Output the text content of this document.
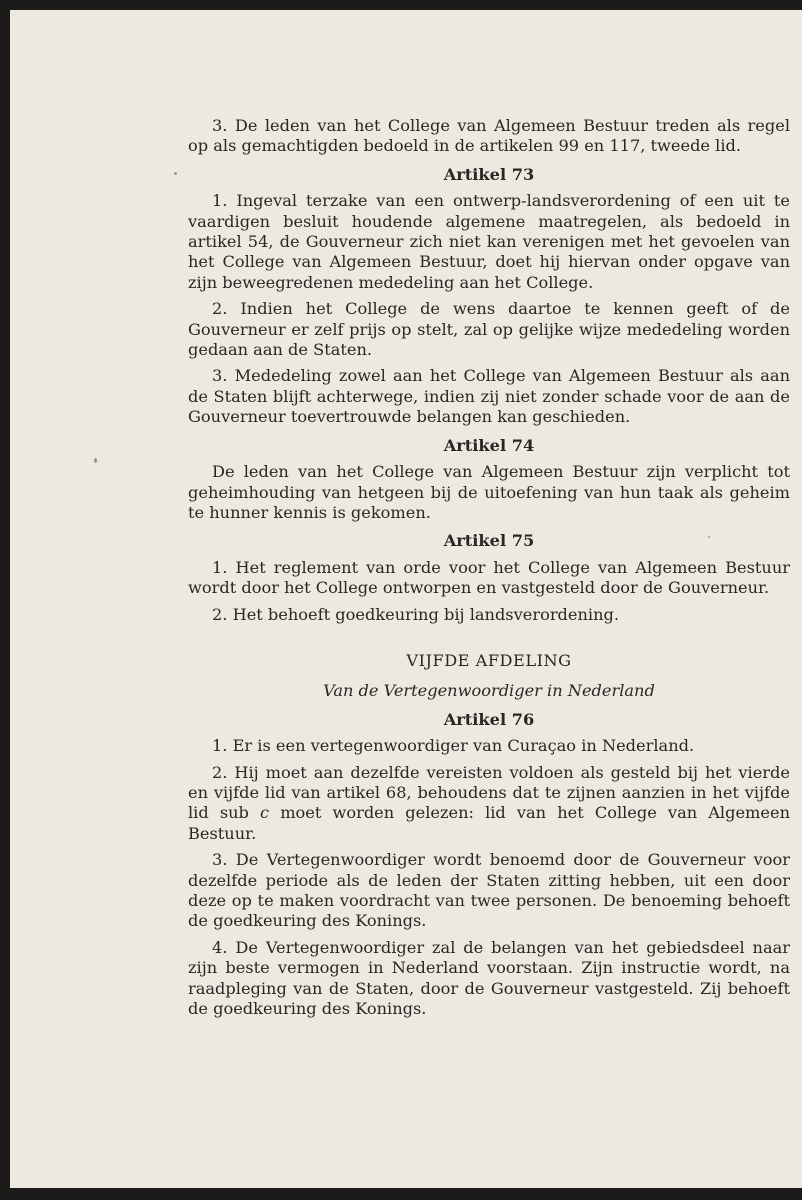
3. De leden van het College van Algemeen Bestuur treden als regel op als gemachtigden bedoeld in de artikelen 99 en 117, tweede lid.

Artikel 73

1. Ingeval terzake van een ontwerp-landsverordening of een uit te vaardigen besluit houdende algemene maatregelen, als bedoeld in artikel 54, de Gouverneur zich niet kan verenigen met het gevoelen van het College van Algemeen Bestuur, doet hij hiervan onder opgave van zijn beweegredenen mededeling aan het College.

2. Indien het College de wens daartoe te kennen geeft of de Gouverneur er zelf prijs op stelt, zal op gelijke wijze mededeling worden gedaan aan de Staten.

3. Mededeling zowel aan het College van Algemeen Bestuur als aan de Staten blijft achterwege, indien zij niet zonder schade voor de aan de Gouverneur toevertrouwde belangen kan geschieden.

Artikel 74

De leden van het College van Algemeen Bestuur zijn verplicht tot geheimhouding van hetgeen bij de uitoefening van hun taak als geheim te hunner kennis is gekomen.

Artikel 75

1. Het reglement van orde voor het College van Algemeen Bestuur wordt door het College ontworpen en vastgesteld door de Gouverneur.

2. Het behoeft goedkeuring bij landsverordening.

VIJFDE AFDELING

Van de Vertegenwoordiger in Nederland

Artikel 76

1. Er is een vertegenwoordiger van Curaçao in Nederland.

2. Hij moet aan dezelfde vereisten voldoen als gesteld bij het vierde en vijfde lid van artikel 68, behoudens dat te zijnen aanzien in het vijfde lid sub c moet worden gelezen: lid van het College van Algemeen Bestuur.

3. De Vertegenwoordiger wordt benoemd door de Gouverneur voor dezelfde periode als de leden der Staten zitting hebben, uit een door deze op te maken voordracht van twee personen. De benoeming behoeft de goedkeuring des Konings.

4. De Vertegenwoordiger zal de belangen van het gebiedsdeel naar zijn beste vermogen in Nederland voorstaan. Zijn instructie wordt, na raadpleging van de Staten, door de Gouverneur vastgesteld. Zij behoeft de goedkeuring des Konings.
